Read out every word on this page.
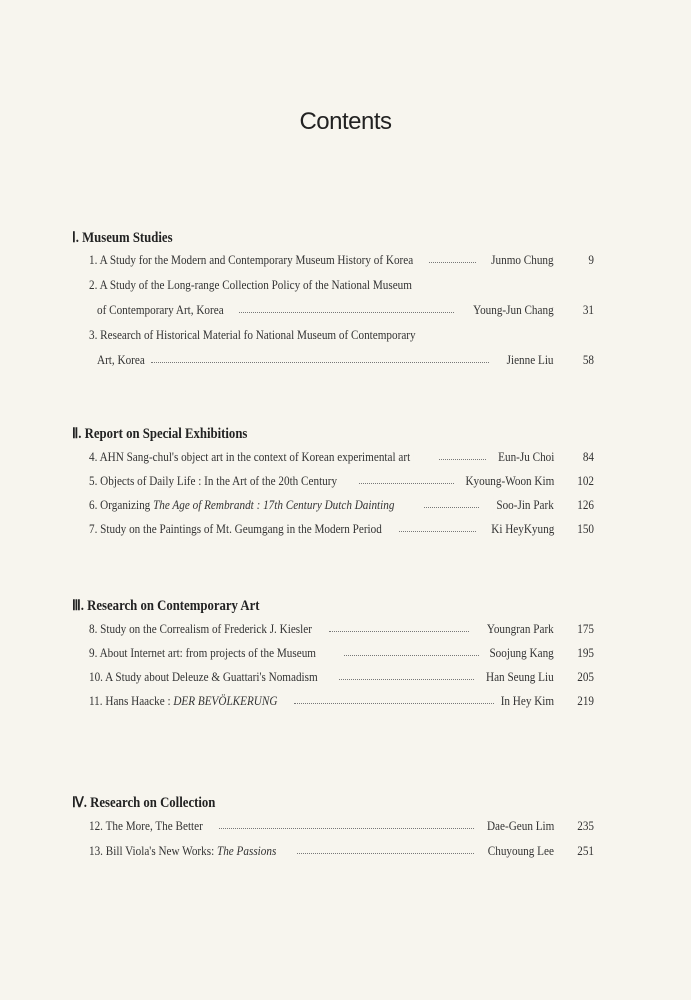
Contents
Ⅰ. Museum Studies
1. A Study for the Modern and Contemporary Museum History of Korea	Junmo Chung	9
2. A Study of the Long-range Collection Policy of the National Museum
of Contemporary Art, Korea	Young-Jun Chang	31
3. Research of Historical Material fo National Museum of Contemporary
Art, Korea	Jienne Liu	58
Ⅱ. Report on Special Exhibitions
4. AHN Sang-chul's object art in the context of Korean experimental art	Eun-Ju Choi	84
5. Objects of Daily Life : In the Art of the 20th Century	Kyoung-Woon Kim	102
6. Organizing The Age of Rembrandt : 17th Century Dutch Dainting	Soo-Jin Park	126
7. Study on the Paintings of Mt. Geumgang in the Modern Period	Ki HeyKyung	150
Ⅲ. Research on Contemporary Art
8. Study on the Correalism of Frederick J. Kiesler	Youngran Park	175
9. About Internet art: from projects of the Museum	Soojung Kang	195
10. A Study about Deleuze & Guattari's Nomadism	Han Seung Liu	205
11. Hans Haacke : DER BEVÖLKERUNG	In Hey Kim	219
Ⅳ. Research on Collection
12. The More, The Better	Dae-Geun Lim	235
13. Bill Viola's New Works: The Passions	Chuyoung Lee	251
